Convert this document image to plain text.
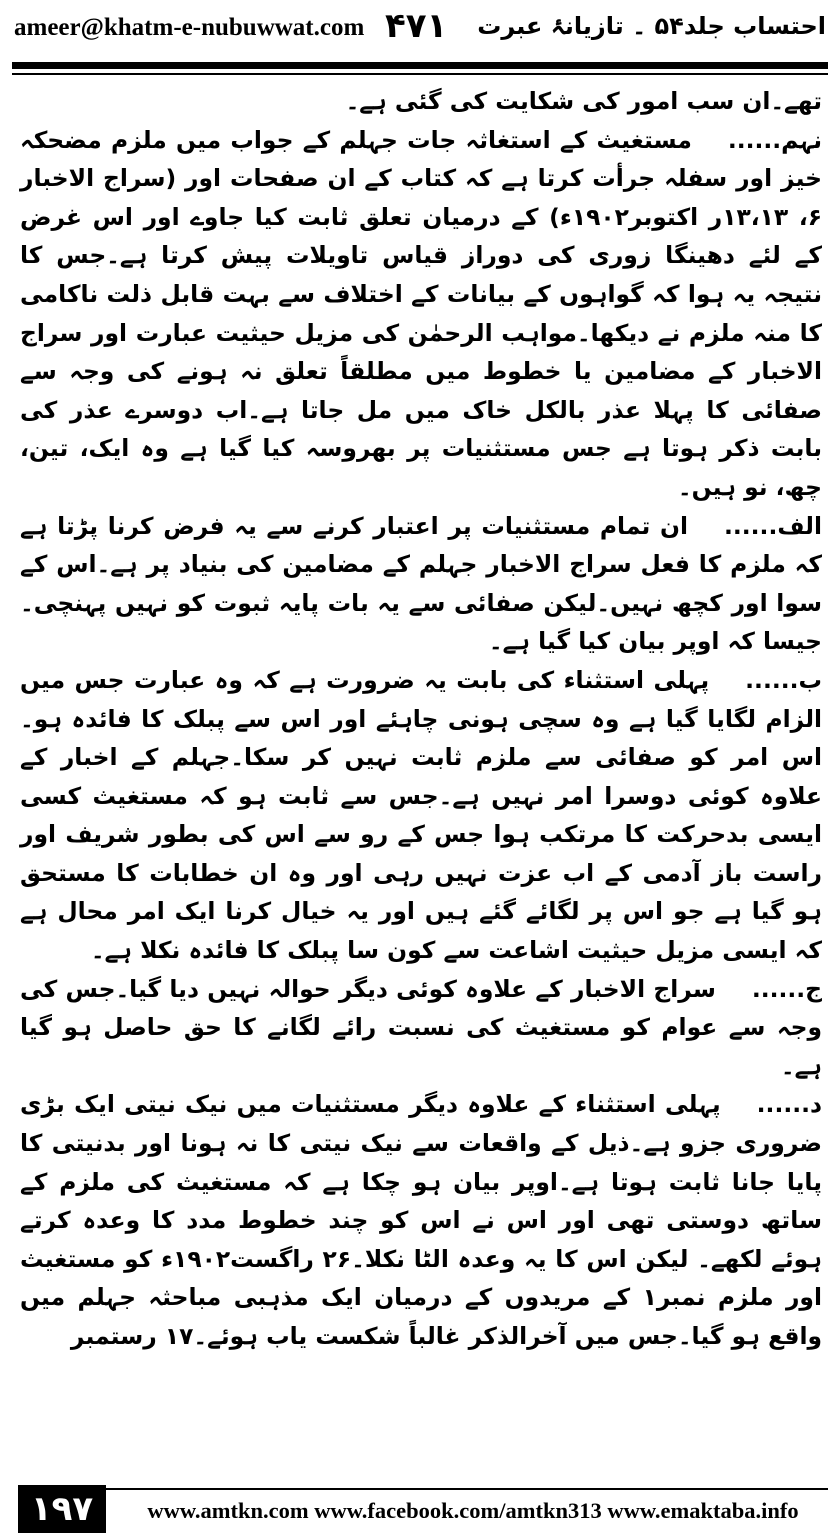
ameer@khatm-e-nubuwwat.com ۴۷۱ احتساب جلد۵۴ ۔ تازیانۂ عبرت

تھے۔ان سب امور کی شکایت کی گئی ہے۔

نہم......مستغیث کے استغاثہ جات جہلم کے جواب میں ملزم مضحکہ خیز اور سفلہ جرأت کرتا ہے کہ کتاب کے ان صفحات اور (سراج الاخبار ۶، ۱۳،۱۳ر اکتوبر۱۹۰۲ء) کے درمیان تعلق ثابت کیا جاوے اور اس غرض کے لئے دھینگا زوری کی دوراز قیاس تاویلات پیش کرتا ہے۔جس کا نتیجہ یہ ہوا کہ گواہوں کے بیانات کے اختلاف سے بہت قابل ذلت ناکامی کا منہ ملزم نے دیکھا۔مواہب الرحمٰن کی مزیل حیثیت عبارت اور سراج الاخبار کے مضامین یا خطوط میں مطلقاً تعلق نہ ہونے کی وجہ سے صفائی کا پہلا عذر بالکل خاک میں مل جاتا ہے۔اب دوسرے عذر کی بابت ذکر ہوتا ہے جس مستثنیات پر بھروسہ کیا گیا ہے وہ ایک، تین، چھ، نو ہیں۔

الف......ان تمام مستثنیات پر اعتبار کرنے سے یہ فرض کرنا پڑتا ہے کہ ملزم کا فعل سراج الاخبار جہلم کے مضامین کی بنیاد پر ہے۔اس کے سوا اور کچھ نہیں۔لیکن صفائی سے یہ بات پایہ ثبوت کو نہیں پہنچی۔جیسا کہ اوپر بیان کیا گیا ہے۔

ب......پہلی استثناء کی بابت یہ ضرورت ہے کہ وہ عبارت جس میں الزام لگایا گیا ہے وہ سچی ہونی چاہئے اور اس سے پبلک کا فائدہ ہو۔اس امر کو صفائی سے ملزم ثابت نہیں کر سکا۔جہلم کے اخبار کے علاوہ کوئی دوسرا امر نہیں ہے۔جس سے ثابت ہو کہ مستغیث کسی ایسی بدحرکت کا مرتکب ہوا جس کے رو سے اس کی بطور شریف اور راست باز آدمی کے اب عزت نہیں رہی اور وہ ان خطابات کا مستحق ہو گیا ہے جو اس پر لگائے گئے ہیں اور یہ خیال کرنا ایک امر محال ہے کہ ایسی مزیل حیثیت اشاعت سے کون سا پبلک کا فائدہ نکلا ہے۔

ج......سراج الاخبار کے علاوہ کوئی دیگر حوالہ نہیں دیا گیا۔جس کی وجہ سے عوام کو مستغیث کی نسبت رائے لگانے کا حق حاصل ہو گیا ہے۔

د......پہلی استثناء کے علاوہ دیگر مستثنیات میں نیک نیتی ایک بڑی ضروری جزو ہے۔ذیل کے واقعات سے نیک نیتی کا نہ ہونا اور بدنیتی کا پایا جانا ثابت ہوتا ہے۔اوپر بیان ہو چکا ہے کہ مستغیث کی ملزم کے ساتھ دوستی تھی اور اس نے اس کو چند خطوط مدد کا وعدہ کرتے ہوئے لکھے۔ لیکن اس کا یہ وعدہ الٹا نکلا۔۲۶ راگست۱۹۰۲ء کو مستغیث اور ملزم نمبر۱ کے مریدوں کے درمیان ایک مذہبی مباحثہ جہلم میں واقع ہو گیا۔جس میں آخرالذکر غالباً شکست یاب ہوئے۔۱۷ رستمبر

۱۹۷	www.amtkn.com www.facebook.com/amtkn313 www.emaktaba.info
